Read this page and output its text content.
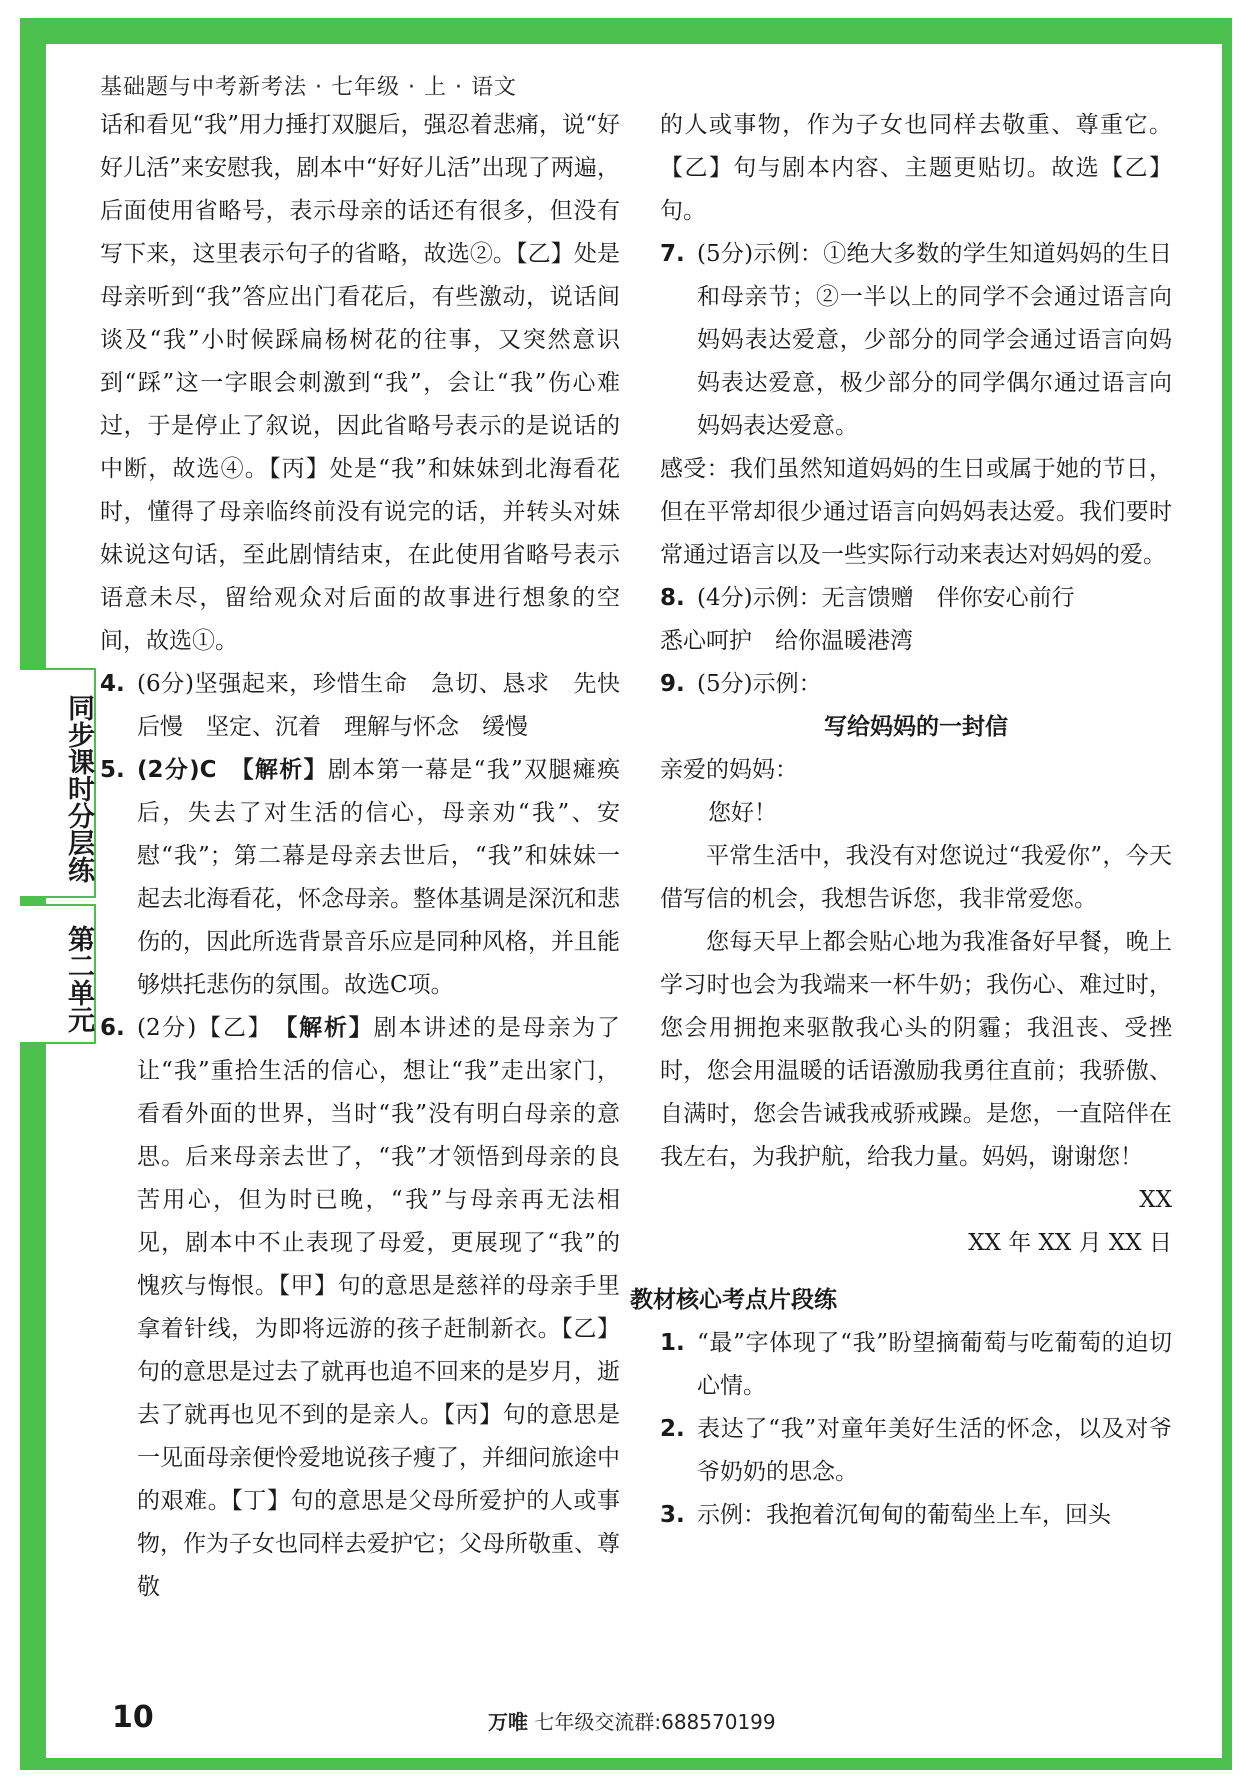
基础题与中考新考法 · 七年级 · 上 · 语文
同步课时分层练
第二单元

话和看见“我”用力捶打双腿后，强忍着悲痛，说“好好儿活”来安慰我，剧本中“好好儿活”出现了两遍，后面使用省略号，表示母亲的话还有很多，但没有写下来，这里表示句子的省略，故选②。【乙】处是母亲听到“我”答应出门看花后，有些激动，说话间谈及“我”小时候踩扁杨树花的往事，又突然意识到“踩”这一字眼会刺激到“我”，会让“我”伤心难过，于是停止了叙说，因此省略号表示的是说话的中断，故选④。【丙】处是“我”和妹妹到北海看花时，懂得了母亲临终前没有说完的话，并转头对妹妹说这句话，至此剧情结束，在此使用省略号表示语意未尽，留给观众对后面的故事进行想象的空间，故选①。

4. (6分)坚强起来，珍惜生命　急切、恳求　先快后慢　坚定、沉着　理解与怀念　缓慢

5. (2分)C　 【解析】剧本第一幕是“我”双腿瘫痪后，失去了对生活的信心，母亲劝“我”、安慰“我”；第二幕是母亲去世后，“我”和妹妹一起去北海看花，怀念母亲。整体基调是深沉和悲伤的，因此所选背景音乐应是同种风格，并且能够烘托悲伤的氛围。故选C项。

6. (2分)【乙】　 【解析】剧本讲述的是母亲为了让“我”重拾生活的信心，想让“我”走出家门，看看外面的世界，当时“我”没有明白母亲的意思。后来母亲去世了，“我”才领悟到母亲的良苦用心，但为时已晚，“我”与母亲再无法相见，剧本中不止表现了母爱，更展现了“我”的愧疚与悔恨。【甲】句的意思是慈祥的母亲手里拿着针线，为即将远游的孩子赶制新衣。【乙】句的意思是过去了就再也追不回来的是岁月，逝去了就再也见不到的是亲人。【丙】句的意思是一见面母亲便怜爱地说孩子瘦了，并细问旅途中的艰难。【丁】句的意思是父母所爱护的人或事物，作为子女也同样去爱护它；父母所敬重、尊敬

的人或事物，作为子女也同样去敬重、尊重它。【乙】句与剧本内容、主题更贴切。故选【乙】句。

7. (5分)示例：①绝大多数的学生知道妈妈的生日和母亲节；②一半以上的同学不会通过语言向妈妈表达爱意，少部分的同学会通过语言向妈妈表达爱意，极少部分的同学偶尔通过语言向妈妈表达爱意。

感受：我们虽然知道妈妈的生日或属于她的节日，但在平常却很少通过语言向妈妈表达爱。我们要时常通过语言以及一些实际行动来表达对妈妈的爱。

8. (4分)示例：无言馈赠　伴你安心前行

悉心呵护　给你温暖港湾

9. (5分)示例：

写给妈妈的一封信

亲爱的妈妈：

您好！

平常生活中，我没有对您说过“我爱你”，今天借写信的机会，我想告诉您，我非常爱您。

您每天早上都会贴心地为我准备好早餐，晚上学习时也会为我端来一杯牛奶；我伤心、难过时，您会用拥抱来驱散我心头的阴霾；我沮丧、受挫时，您会用温暖的话语激励我勇往直前；我骄傲、自满时，您会告诫我戒骄戒躁。是您，一直陪伴在我左右，为我护航，给我力量。妈妈，谢谢您！

XX

XX 年 XX 月 XX 日

教材核心考点片段练

1. “最”字体现了“我”盼望摘葡萄与吃葡萄的迫切心情。

2. 表达了“我”对童年美好生活的怀念，以及对爷爷奶奶的思念。

3. 示例：我抱着沉甸甸的葡萄坐上车，回头

10	万唯 七年级交流群:688570199
